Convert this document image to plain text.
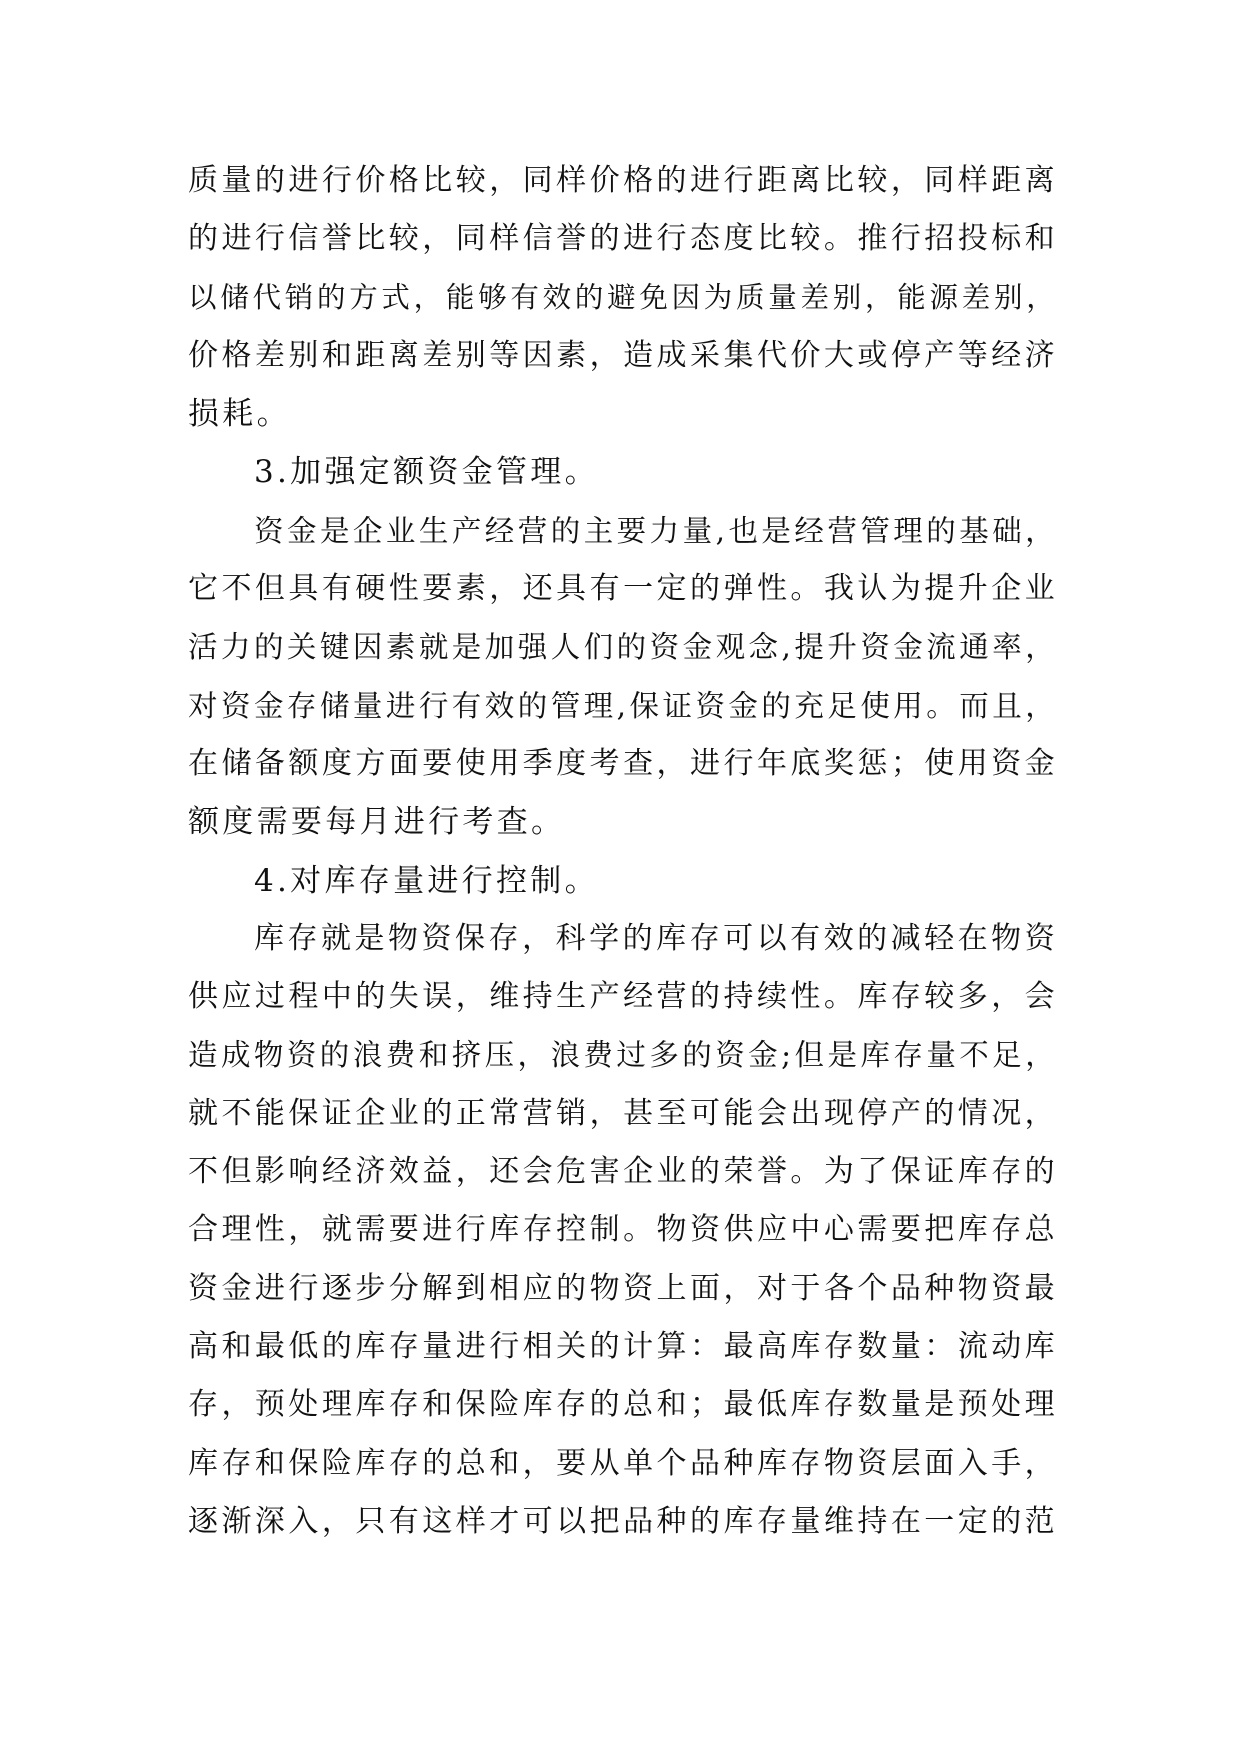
质量的进行价格比较，同样价格的进行距离比较，同样距离
的进行信誉比较，同样信誉的进行态度比较。推行招投标和
以储代销的方式，能够有效的避免因为质量差别，能源差别，
价格差别和距离差别等因素，造成采集代价大或停产等经济
损耗。
3.加强定额资金管理。
资金是企业生产经营的主要力量,也是经营管理的基础，
它不但具有硬性要素，还具有一定的弹性。我认为提升企业
活力的关键因素就是加强人们的资金观念,提升资金流通率，
对资金存储量进行有效的管理,保证资金的充足使用。而且，
在储备额度方面要使用季度考查，进行年底奖惩；使用资金
额度需要每月进行考查。
4.对库存量进行控制。
库存就是物资保存，科学的库存可以有效的减轻在物资
供应过程中的失误，维持生产经营的持续性。库存较多，会
造成物资的浪费和挤压，浪费过多的资金;但是库存量不足，
就不能保证企业的正常营销，甚至可能会出现停产的情况，
不但影响经济效益，还会危害企业的荣誉。为了保证库存的
合理性，就需要进行库存控制。物资供应中心需要把库存总
资金进行逐步分解到相应的物资上面，对于各个品种物资最
高和最低的库存量进行相关的计算：最高库存数量：流动库
存，预处理库存和保险库存的总和；最低库存数量是预处理
库存和保险库存的总和，要从单个品种库存物资层面入手，
逐渐深入，只有这样才可以把品种的库存量维持在一定的范
